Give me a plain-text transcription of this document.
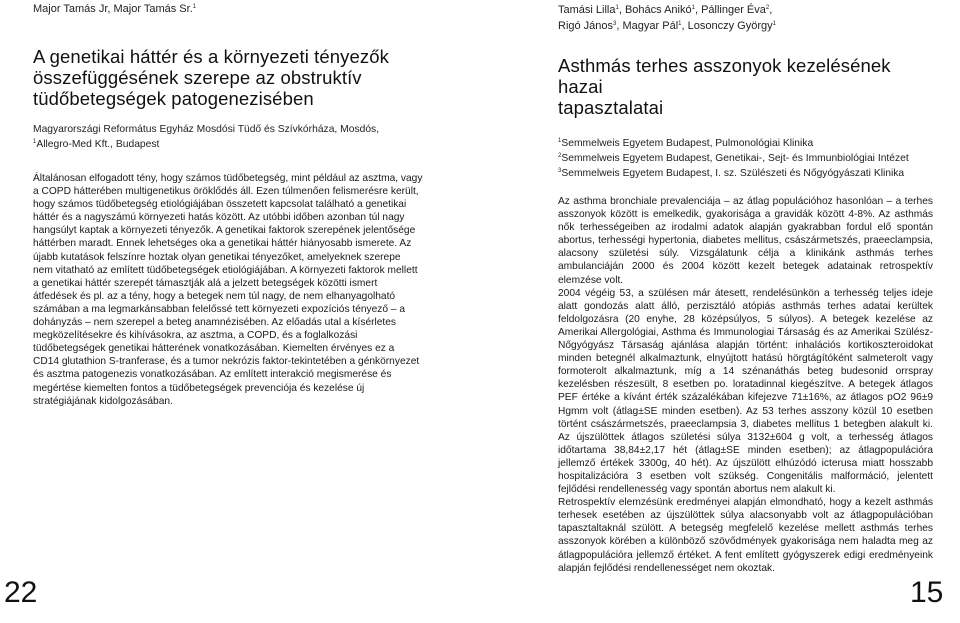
Major Tamás Jr, Major Tamás Sr.$^1$
A genetikai háttér és a környezeti tényezők
összefüggésének szerepe az obstruktív
tüdőbetegségek patogenezisében
Magyarországi Református Egyház Mosdósi Tüdő és Szívkórháza, Mosdós,
$^1$Allegro-Med Kft., Budapest

Általánosan elfogadott tény, hogy számos tüdőbetegség, mint például az asztma, vagy a COPD hátterében multigenetikus öröklődés áll. Ezen túlmenően felismerésre került, hogy számos tüdőbetegség etiológiájában összetett kapcsolat található a genetikai háttér és a nagyszámú környezeti hatás között. Az utóbbi időben azonban túl nagy hangsúlyt kaptak a környezeti tényezők. A genetikai faktorok szerepének jelentősége háttérben maradt. Ennek lehetséges oka a genetikai háttér hiányosabb ismerete. Az újabb kutatások felszínre hoztak olyan genetikai tényezőket, amelyeknek szerepe nem vitatható az említett tüdőbetegségek etiológiájában. A környezeti faktorok mellett a genetikai háttér szerepét támasztják alá a jelzett betegségek közötti ismert átfedések és pl. az a tény, hogy a betegek nem túl nagy, de nem elhanyagolható számában a ma legmarkánsabban felelőssé tett környezeti expozíciós tényező – a dohányzás – nem szerepel a beteg anamnézisében. Az előadás utal a kísérletes megközelítésekre és kihívásokra, az asztma, a COPD, és a foglalkozási tüdőbetegségek genetikai hátterének vonatkozásában. Kiemelten érvényes ez a CD14 glutathion S-tranferase, és a tumor nekrózis faktor-tekintetében a génkörnyezet és asztma patogenezis vonatkozásában. Az említett interakció megismerése és megértése kiemelten fontos a tüdőbetegségek prevenciója és kezelése új stratégiájának kidolgozásában.

Tamási Lilla$^1$, Bohács Anikó$^1$, Pállinger Éva$^2$,
Rigó János$^3$, Magyar Pál$^1$, Losonczy György$^1$
Asthmás terhes asszonyok kezelésének hazai
tapasztalatai
$^1$Semmelweis Egyetem Budapest, Pulmonológiai Klinika
$^2$Semmelweis Egyetem Budapest, Genetikai-, Sejt- és Immunbiológiai Intézet
$^3$Semmelweis Egyetem Budapest, I. sz. Szülészeti és Nőgyógyászati Klinika

Az asthma bronchiale prevalenciája – az átlag populációhoz hasonlóan – a terhes asszonyok között is emelkedik, gyakorisága a gravidák között 4-8%. Az asthmás nők terhességeiben az irodalmi adatok alapján gyakrabban fordul elő spontán abortus, terhességi hypertonia, diabetes mellitus, császármetszés, praeeclampsia, alacsony születési súly. Vizsgálatunk célja a klinikánk asthmás terhes ambulanciáján 2000 és 2004 között kezelt betegek adatainak retrospektív elemzése volt.

2004 végéig 53, a szülésen már átesett, rendelésünkön a terhesség teljes ideje alatt gondozás alatt álló, perzisztáló atópiás asthmás terhes adatai kerültek feldolgozásra (20 enyhe, 28 középsúlyos, 5 súlyos). A betegek kezelése az Amerikai Allergológiai, Asthma és Immunologiai Társaság és az Amerikai Szülész-Nőgyógyász Társaság ajánlása alapján történt: inhalációs kortikoszteroidokat minden betegnél alkalmaztunk, elnyújtott hatású hörgtágítóként salmeterolt vagy formoterolt alkalmaztunk, míg a 14 szénanáthás beteg budesonid orrspray kezelésben részesült, 8 esetben po. loratadinnal kiegészítve. A betegek átlagos PEF értéke a kívánt érték százalékában kifejezve 71±16%, az átlagos pO2 96±9 Hgmm volt (átlag±SE minden esetben). Az 53 terhes asszony közül 10 esetben történt császármetszés, praeeclampsia 3, diabetes mellitus 1 betegben alakult ki. Az újszülöttek átlagos születési súlya 3132±604 g volt, a terhesség átlagos időtartama 38,84±2,17 hét (átlag±SE minden esetben); az átlagpopulációra jellemző értékek 3300g, 40 hét). Az újszülött elhúzódó icterusa miatt hosszabb hospitalizációra 3 esetben volt szükség. Congenitális malformáció, jelentett fejlődési rendellenesség vagy spontán abortus nem alakult ki.

Retrospektív elemzésünk eredményei alapján elmondható, hogy a kezelt asthmás terhesek esetében az újszülöttek súlya alacsonyabb volt az átlagpopulációban tapasztaltaknál szülött. A betegség megfelelő kezelése mellett asthmás terhes asszonyok körében a különböző szövődmények gyakorisága nem haladta meg az átlagpopulációra jellemző értéket. A fent említett gyógyszerek edigi eredményeink alapján fejlődési rendellenességet nem okoztak.

22	15
